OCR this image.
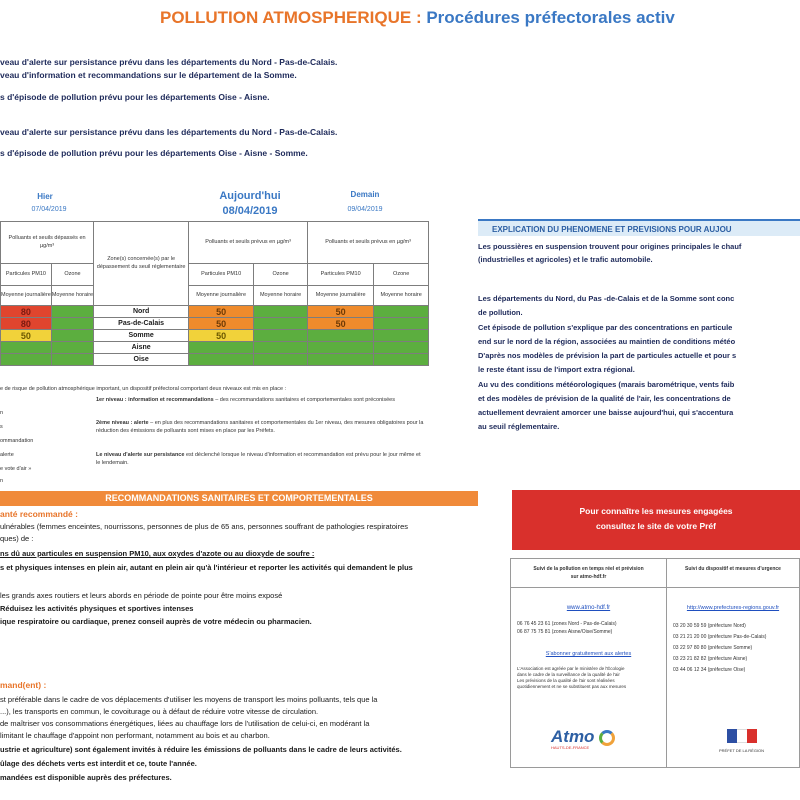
POLLUTION ATMOSPHERIQUE : Procédures préfectorales activ
veau d'alerte sur persistance prévu dans les départements du Nord - Pas-de-Calais.
veau d'information et recommandations sur le département de la Somme.
s d'épisode de pollution prévu pour les départements Oise - Aisne.
veau d'alerte sur persistance prévu dans les départements du Nord - Pas-de-Calais.
s d'épisode de pollution prévu pour les départements Oise - Aisne - Somme.
Hier
07/04/2019
Aujourd'hui
08/04/2019
Demain
09/04/2019
Polluants et seuils dépassés en µg/m³		Zone(s) concernée(s) par le dépassement du seuil réglementaire	Polluants et seuils prévus en µg/m³		Polluants et seuils prévus en µg/m³	
Particules PM10	Ozone		Particules PM10	Ozone	Particules PM10	Ozone
Moyenne journalière	Moyenne horaire		Moyenne journalière	Moyenne horaire	Moyenne journalière	Moyenne horaire
80		Nord	50		50	
80		Pas-de-Calais	50		50	
50		Somme	50			
		Aisne				
		Oise				
e de risque de pollution atmosphérique important, un dispositif préfectoral comportant deux niveaux est mis en place :
1er niveau : information et recommandations – des recommandations sanitaires et comportementales sont préconisées
2ème niveau : alerte – en plus des recommandations sanitaires et comportementales du 1er niveau, des mesures obligatoires pour la réduction des émissions de polluants sont mises en place par les Préfets.
Le niveau d'alerte sur persistance est déclenché lorsque le niveau d'information et recommandation est prévu pour le jour même et le lendemain.
n
s
ommandation
alerte
e vote d'air »
n
RECOMMANDATIONS SANITAIRES ET COMPORTEMENTALES
anté recommandé :
ulnérables (femmes enceintes, nourrissons, personnes de plus de 65 ans, personnes souffrant de pathologies respiratoires
ques) de :
ns dû aux particules en suspension PM10, aux oxydes d'azote ou au dioxyde de soufre :
s et physiques intenses en plein air, autant en plein air qu'à l'intérieur et reporter les activités qui demandent le plus
les grands axes routiers et leurs abords en période de pointe pour être moins exposé
Réduisez les activités physiques et sportives intenses
ique respiratoire ou cardiaque, prenez conseil auprès de votre médecin ou pharmacien.
mand(ent) :
st préférable dans le cadre de vos déplacements d'utiliser les moyens de transport les moins polluants, tels que la
...), les transports en commun, le covoiturage ou à défaut de réduire votre vitesse de circulation.
de maîtriser vos consommations énergétiques, liées au chauffage lors de l'utilisation de celui-ci, en modérant la
limitant le chauffage d'appoint non performant, notamment au bois et au charbon.
ustrie et agriculture) sont également invités à réduire les émissions de polluants dans le cadre de leurs activités.
ûlage des déchets verts est interdit et ce, toute l'année.
mandées est disponible auprès des préfectures.
EXPLICATION DU PHENOMENE ET PREVISIONS POUR AUJOU
Les poussières en suspension trouvent pour origines principales le chauf
(industrielles et agricoles) et le trafic automobile.
Les départements du Nord, du Pas -de-Calais et de la Somme sont conc
de pollution.
Cet épisode de pollution s'explique par des concentrations en particule
end sur le nord de la région, associées au maintien de conditions météo
D'après nos modèles de prévision la part de particules actuelle et pour s
le reste étant issu de l'import extra régional.
Au vu des conditions météorologiques (marais barométrique, vents faib
et des modèles de prévision de la qualité de l'air, les concentrations de
actuellement devraient amorcer une baisse aujourd'hui, qui s'accentura
au seuil réglementaire.
Pour connaître les mesures engagées
consultez le site de votre Préf
Suivi de la pollution en temps réel et prévision
sur atmo-hdf.fr
www.atmo-hdf.fr
06 76 45 23 61 (zones Nord - Pas-de-Calais)
06 87 75 75 81 (zones Aisne/Oise/Somme)
S'abonner gratuitement aux alertes
L'Association est agréée par le ministère de l'Écologie
dans le cadre de la surveillance de la qualité de l'air
Les prévisions de la qualité de l'air sont réalisées
quotidiennement et ne se substituent pas aux mesures
Atmo
HAUTS-DE-FRANCE
Suivi du dispositif et mesures d'urgence
http://www.prefectures-regions.gouv.fr
03 20 30 59 59 (préfecture Nord)
03 21 21 20 00 (préfecture Pas-de-Calais)
03 22 97 80 80 (préfecture Somme)
03 23 21 82 82 (préfecture Aisne)
03 44 06 12 34 (préfecture Oise)
PRÉFET DE LA RÉGION
